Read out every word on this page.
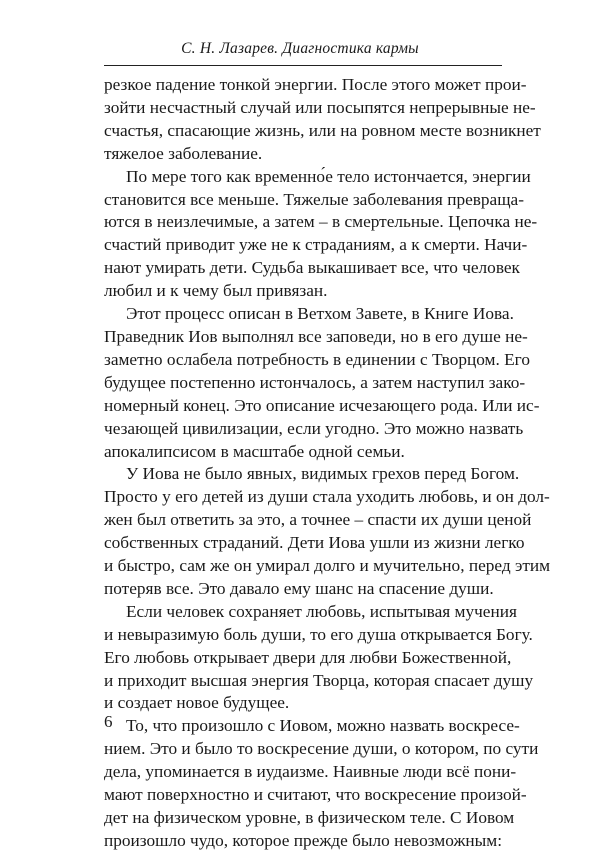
С. Н. Лазарев. Диагностика кармы
резкое падение тонкой энергии. После этого может прои-
зойти несчастный случай или посыпятся непрерывные не-
счастья, спасающие жизнь, или на ровном месте возникнет
тяжелое заболевание.
По мере того как временно́е тело истончается, энергии
становится все меньше. Тяжелые заболевания превраща-
ются в неизлечимые, а затем – в смертельные. Цепочка не-
счастий приводит уже не к страданиям, а к смерти. Начи-
нают умирать дети. Судьба выкашивает все, что человек
любил и к чему был привязан.
Этот процесс описан в Ветхом Завете, в Книге Иова.
Праведник Иов выполнял все заповеди, но в его душе не-
заметно ослабела потребность в единении с Творцом. Его
будущее постепенно истончалось, а затем наступил зако-
номерный конец. Это описание исчезающего рода. Или ис-
чезающей цивилизации, если угодно. Это можно назвать
апокалипсисом в масштабе одной семьи.
У Иова не было явных, видимых грехов перед Богом.
Просто у его детей из души стала уходить любовь, и он дол-
жен был ответить за это, а точнее – спасти их души ценой
собственных страданий. Дети Иова ушли из жизни легко
и быстро, сам же он умирал долго и мучительно, перед этим
потеряв все. Это давало ему шанс на спасение души.
Если человек сохраняет любовь, испытывая мучения
и невыразимую боль души, то его душа открывается Богу.
Его любовь открывает двери для любви Божественной,
и приходит высшая энергия Творца, которая спасает душу
и создает новое будущее.
То, что произошло с Иовом, можно назвать воскресе-
нием. Это и было то воскресение души, о котором, по сути
дела, упоминается в иудаизме. Наивные люди всё пони-
мают поверхностно и считают, что воскресение произой-
дет на физическом уровне, в физическом теле. С Иовом
произошло чудо, которое прежде было невозможным:
6
